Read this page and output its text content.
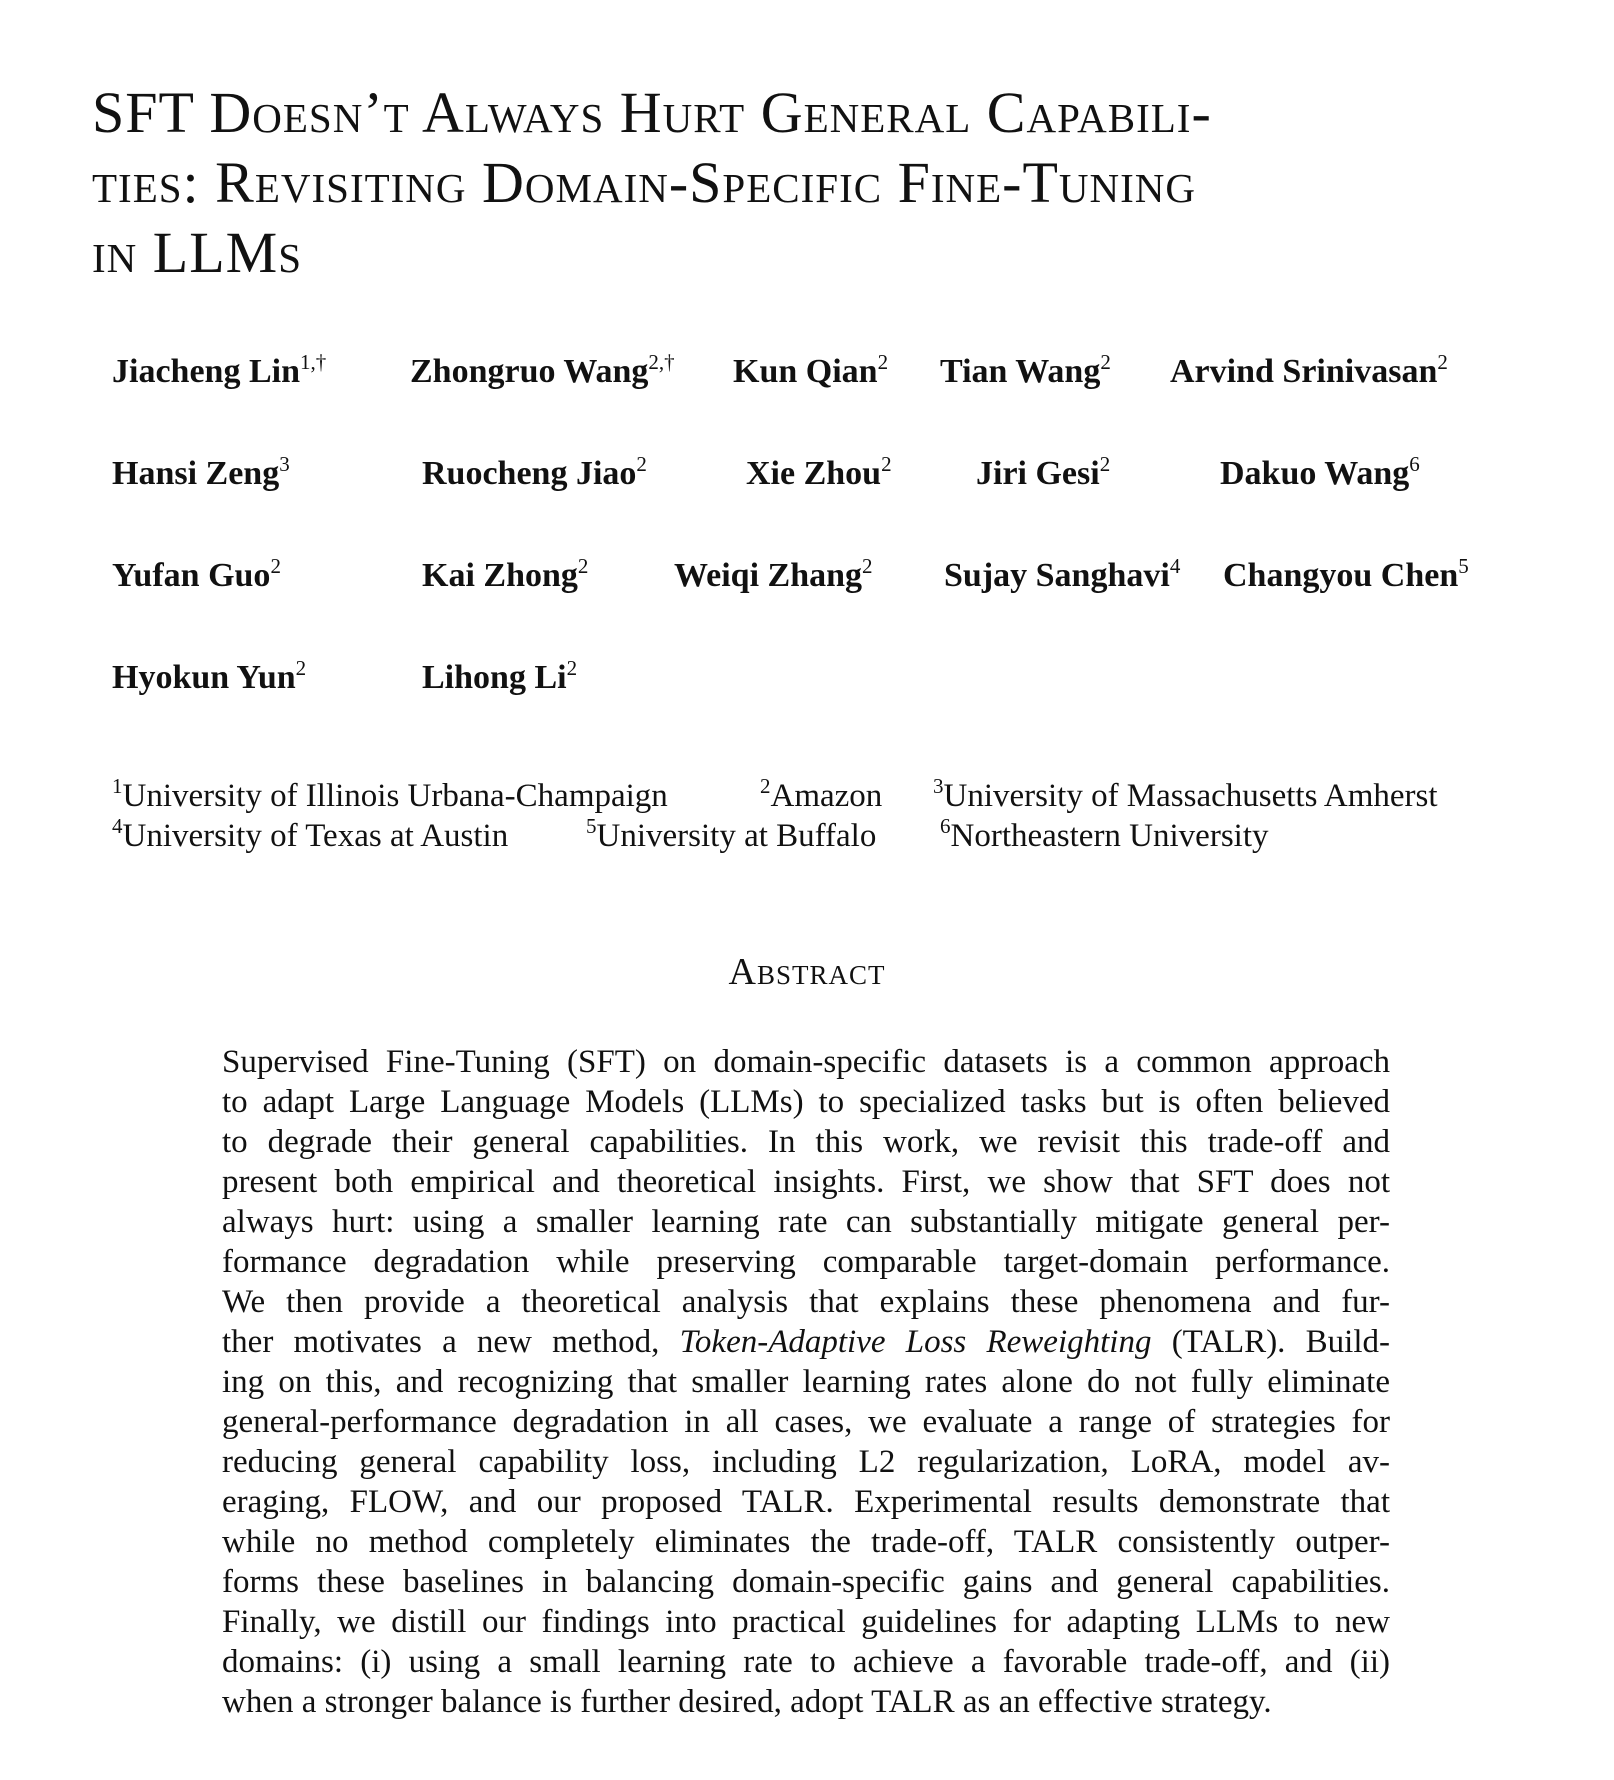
SFT Doesn’t Always Hurt General Capabili-
ties: Revisiting Domain-Specific Fine-Tuning
in LLMs
Jiacheng Lin$^{1,\dagger}$ Zhongruo Wang$^{2,\dagger}$ Kun Qian$^2$ Tian Wang$^2$ Arvind Srinivasan$^2$
Hansi Zeng$^3$	Ruocheng Jiao$^2$	Xie Zhou$^2$ Jiri Gesi$^2$	Dakuo Wang$^6$
Yufan Guo$^2$	Kai Zhong$^2$	Weiqi Zhang$^2$ Sujay Sanghavi$^4$ Changyou Chen$^5$
Hyokun Yun$^2$	Lihong Li$^2$
$^1$University of Illinois Urbana-Champaign	$^2$Amazon $^3$University of Massachusetts Amherst
$^4$University of Texas at Austin	$^5$University at Buffalo	$^6$Northeastern University
Abstract
Supervised Fine-Tuning (SFT) on domain-specific datasets is a common approach
to adapt Large Language Models (LLMs) to specialized tasks but is often believed
to degrade their general capabilities. In this work, we revisit this trade-off and
present both empirical and theoretical insights. First, we show that SFT does not
always hurt: using a smaller learning rate can substantially mitigate general per-
formance degradation while preserving comparable target-domain performance.
We then provide a theoretical analysis that explains these phenomena and fur-
ther motivates a new method, Token-Adaptive Loss Reweighting (TALR). Build-
ing on this, and recognizing that smaller learning rates alone do not fully eliminate
general-performance degradation in all cases, we evaluate a range of strategies for
reducing general capability loss, including L2 regularization, LoRA, model av-
eraging, FLOW, and our proposed TALR. Experimental results demonstrate that
while no method completely eliminates the trade-off, TALR consistently outper-
forms these baselines in balancing domain-specific gains and general capabilities.
Finally, we distill our findings into practical guidelines for adapting LLMs to new
domains: (i) using a small learning rate to achieve a favorable trade-off, and (ii)
when a stronger balance is further desired, adopt TALR as an effective strategy.
